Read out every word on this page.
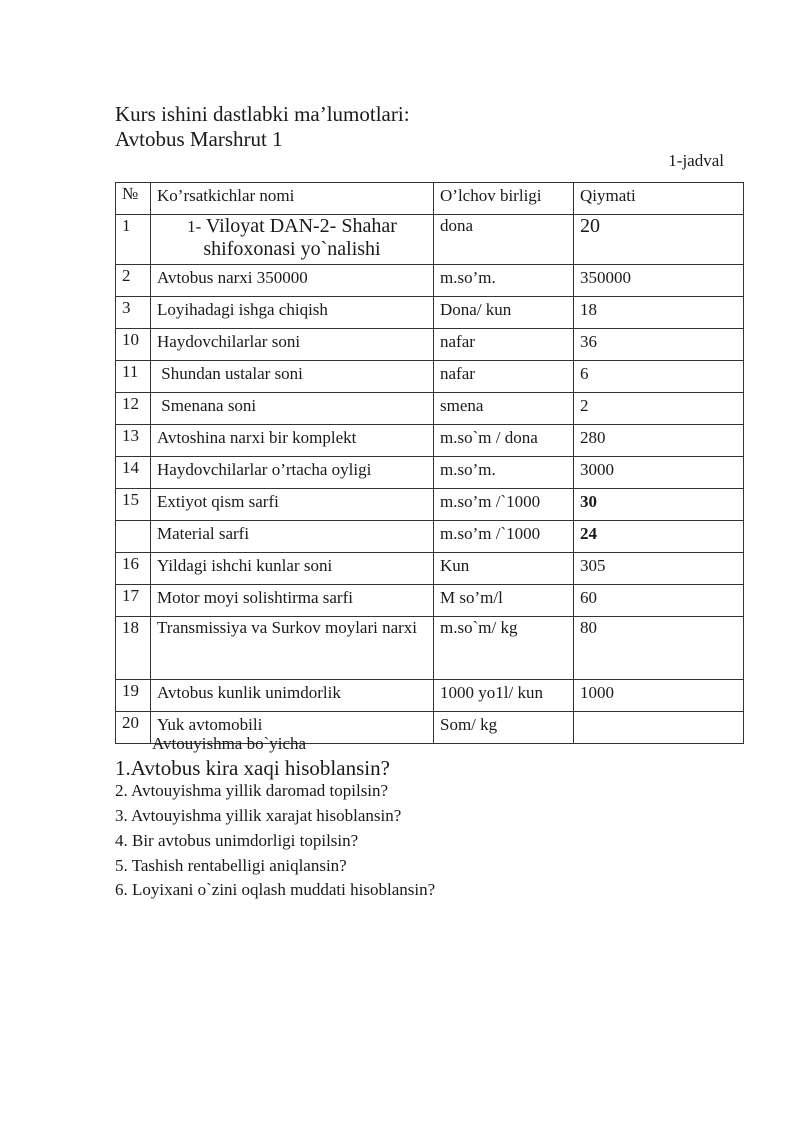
Kurs ishini dastlabki ma’lumotlari:
Avtobus Marshrut 1
1-jadval
№	Ko’rsatkichlar nomi	O’lchov birligi	Qiymati
1	1- Viloyat DAN-2- Shahar shifoxonasi yo`nalishi	dona	20
2	Avtobus narxi 350000	m.so’m.	350000
3	Loyihadagi ishga chiqish	Dona/ kun	18
10	Haydovchilarlar soni	nafar	36
11	Shundan ustalar soni	nafar	6
12	Smenana soni	smena	2
13	Avtoshina narxi bir komplekt	m.so`m / dona	280
14	Haydovchilarlar o’rtacha oyligi	m.so’m.	3000
15	Extiyot qism sarfi	m.so’m /`1000	30
	Material sarfi	m.so’m /`1000	24
16	Yildagi ishchi kunlar soni	Kun	305
17	Motor moyi solishtirma sarfi	M so’m/l	60
18	Transmissiya va Surkov moylari narxi	m.so`m/ kg	80
19	Avtobus kunlik unimdorlik	1000 yo1l/ kun	1000
20	Yuk avtomobili	Som/ kg	
Avtouyishma bo`yicha
1.Avtobus kira xaqi hisoblansin?
2. Avtouyishma yillik daromad topilsin?
3. Avtouyishma yillik xarajat hisoblansin?
4. Bir avtobus unimdorligi topilsin?
5. Tashish rentabelligi aniqlansin?
6. Loyixani o`zini oqlash muddati hisoblansin?
